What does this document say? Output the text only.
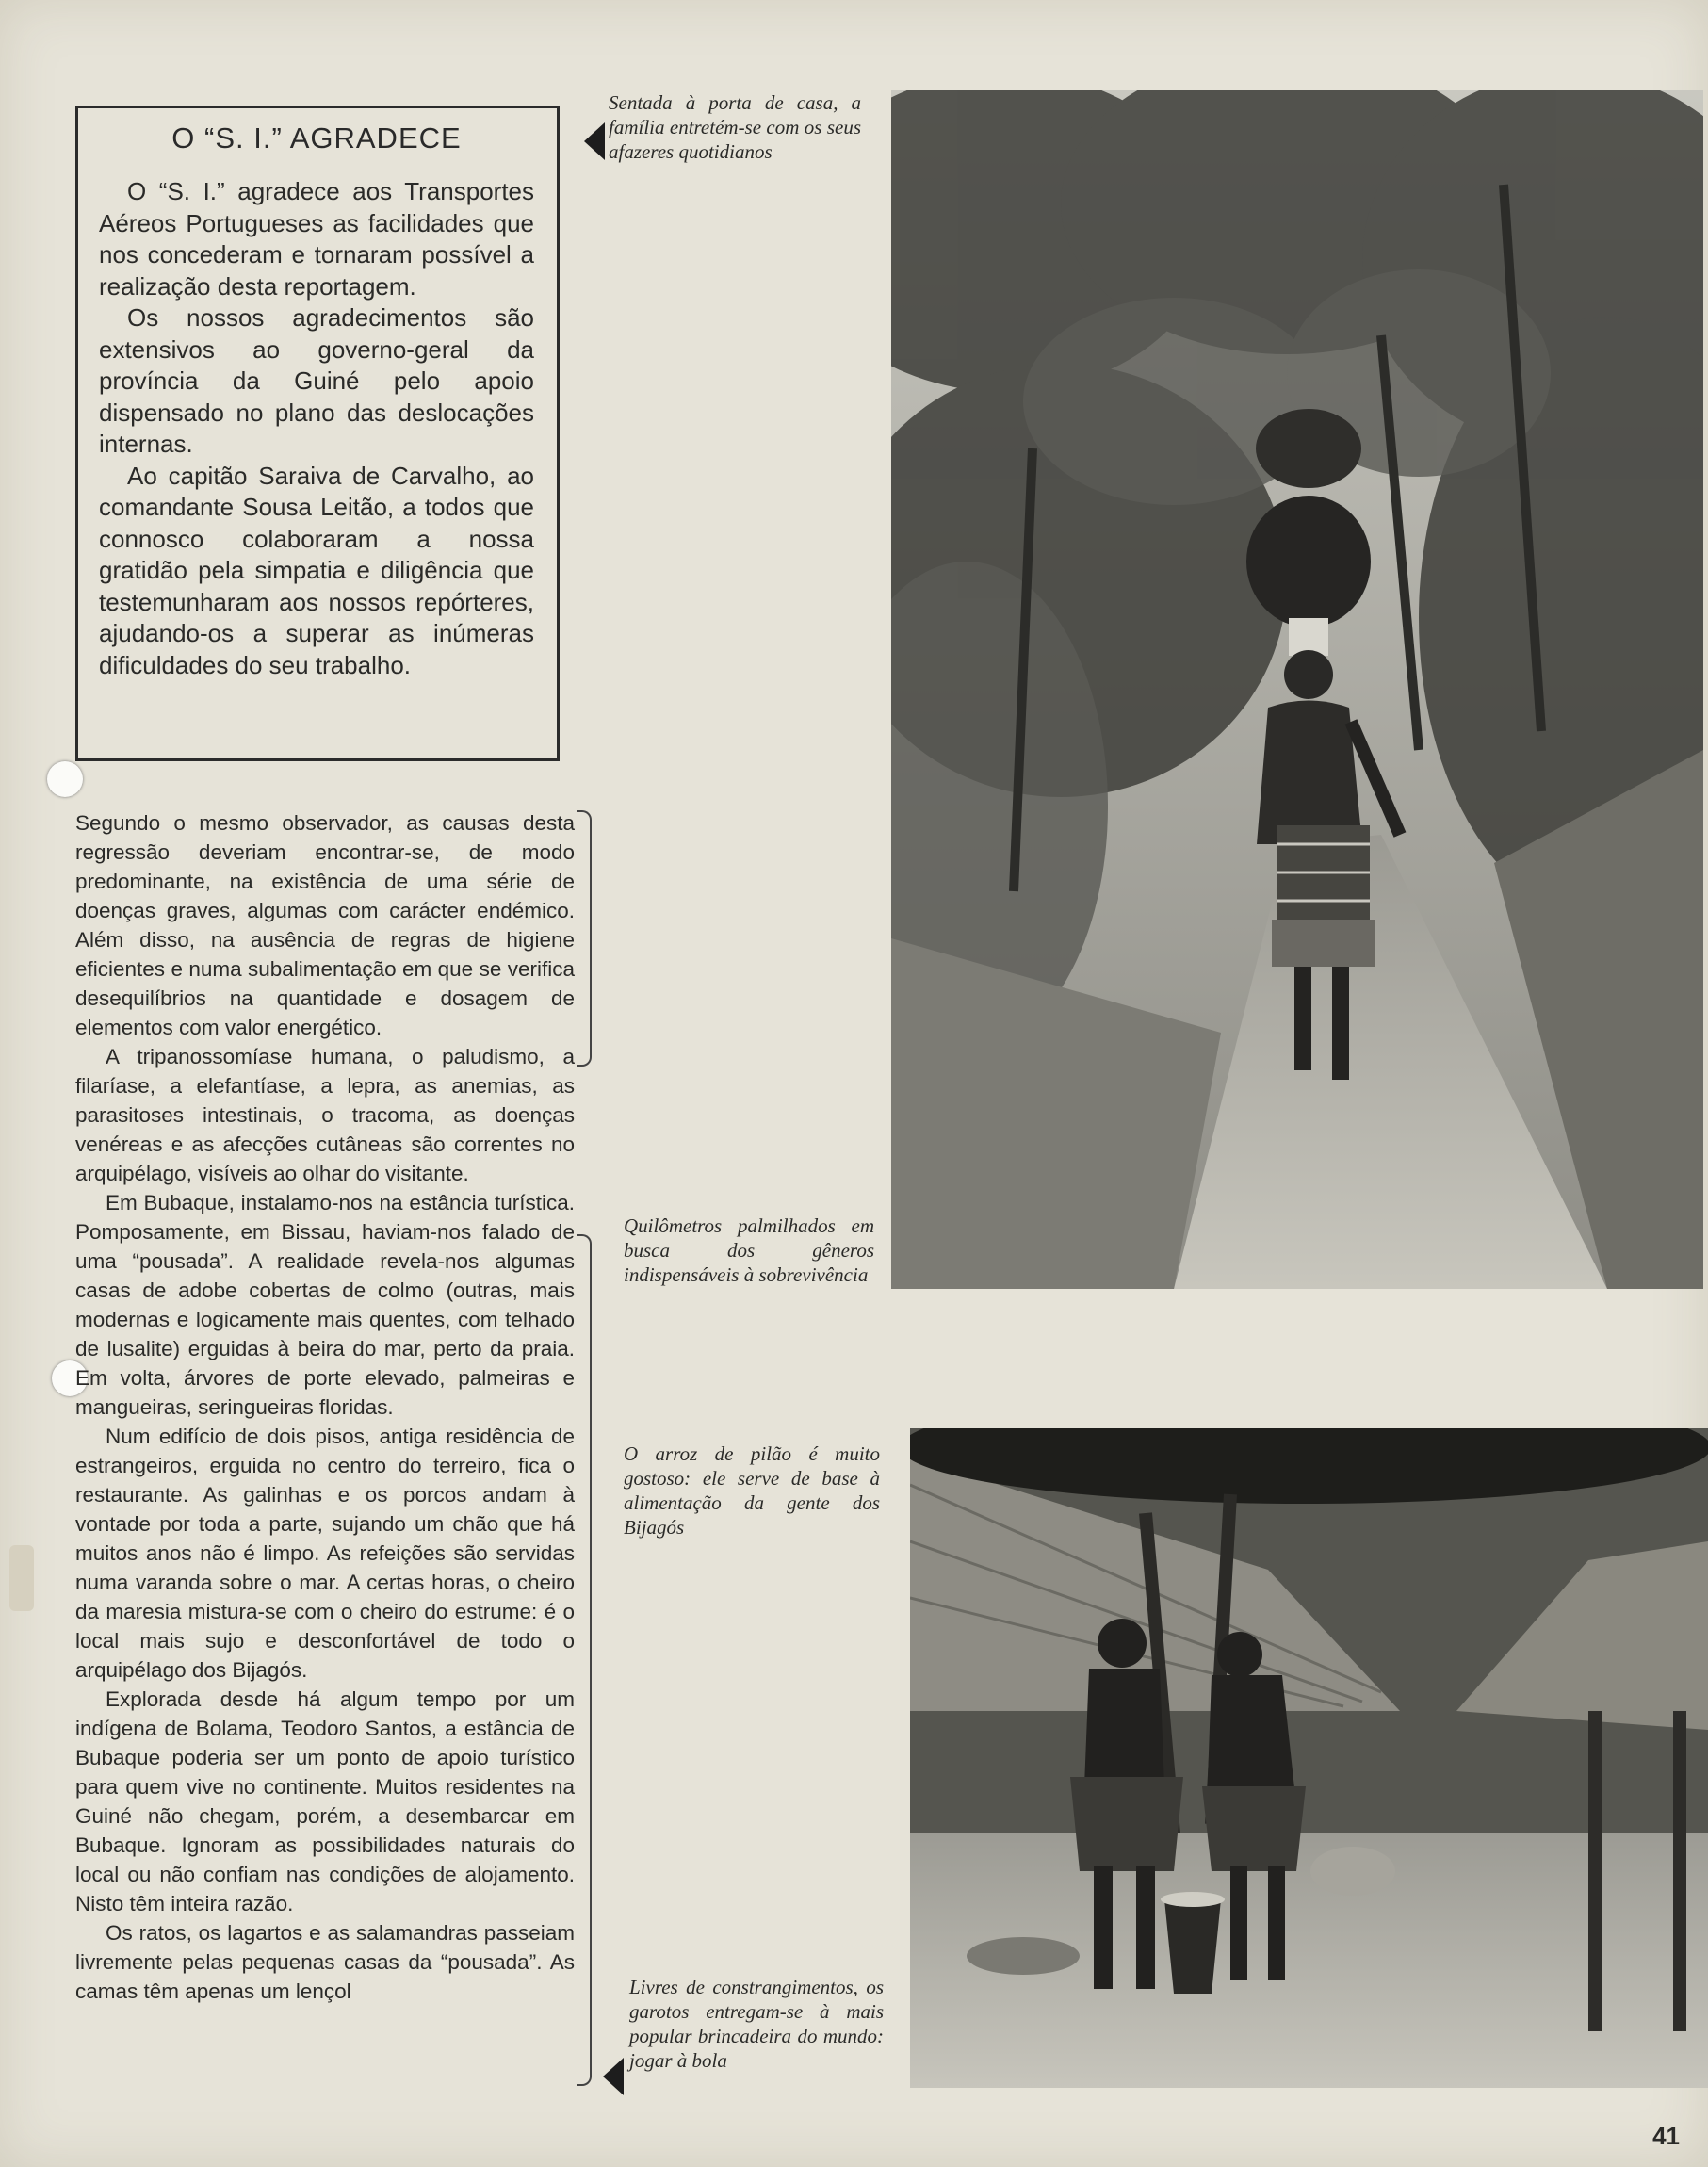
O “S. I.” AGRADECE

O “S. I.” agradece aos Transportes Aéreos Portugueses as facilidades que nos concederam e tornaram possível a realização desta reportagem.

Os nossos agradecimentos são extensivos ao governo-geral da província da Guiné pelo apoio dispensado no plano das deslocações internas.

Ao capitão Saraiva de Carvalho, ao comandante Sousa Leitão, a todos que connosco colaboraram a nossa gratidão pela simpatia e diligência que testemunharam aos nossos repórteres, ajudando-os a superar as inúmeras dificuldades do seu trabalho.

Segundo o mesmo observador, as causas desta regressão deveriam encontrar-se, de modo predominante, na existência de uma série de doenças graves, algumas com carácter endémico. Além disso, na ausência de regras de higiene eficientes e numa subalimentação em que se verifica desequilíbrios na quantidade e dosagem de elementos com valor energético.

A tripanossomíase humana, o paludismo, a filaríase, a elefantíase, a lepra, as anemias, as parasitoses intestinais, o tracoma, as doenças venéreas e as afecções cutâneas são correntes no arquipélago, visíveis ao olhar do visitante.

Em Bubaque, instalamo-nos na estância turística. Pomposamente, em Bissau, haviam-nos falado de uma “pousada”. A realidade revela-nos algumas casas de adobe cobertas de colmo (outras, mais modernas e logicamente mais quentes, com telhado de lusalite) erguidas à beira do mar, perto da praia. Em volta, árvores de porte elevado, palmeiras e mangueiras, seringueiras floridas.

Num edifício de dois pisos, antiga residência de estrangeiros, erguida no centro do terreiro, fica o restaurante. As galinhas e os porcos andam à vontade por toda a parte, sujando um chão que há muitos anos não é limpo. As refeições são servidas numa varanda sobre o mar. A certas horas, o cheiro da maresia mistura-se com o cheiro do estrume: é o local mais sujo e desconfortável de todo o arquipélago dos Bijagós.

Explorada desde há algum tempo por um indígena de Bolama, Teodoro Santos, a estância de Bubaque poderia ser um ponto de apoio turístico para quem vive no continente. Muitos residentes na Guiné não chegam, porém, a desembarcar em Bubaque. Ignoram as possibilidades naturais do local ou não confiam nas condições de alojamento. Nisto têm inteira razão.

Os ratos, os lagartos e as salamandras passeiam livremente pelas pequenas casas da “pousada”. As camas têm apenas um lençol

Sentada à porta de casa, a família entretém-se com os seus afazeres quotidianos
Quilômetros palmilhados em busca dos gêneros indispensáveis à sobrevivência
O arroz de pilão é muito gostoso: ele serve de base à alimentação da gente dos Bijagós
Livres de constrangimentos, os garotos entregam-se à mais popular brincadeira do mundo: jogar à bola
41
